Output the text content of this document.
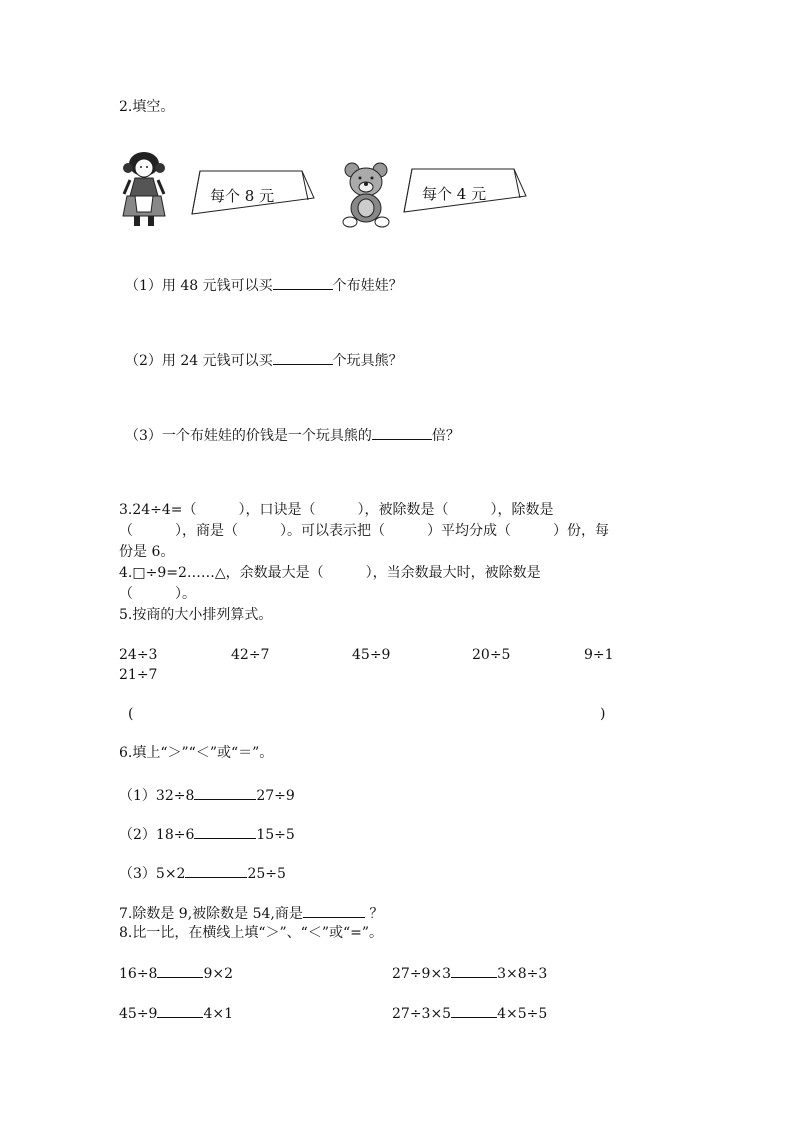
2.填空。
每个 8 元	每个 4 元
（1）用 48 元钱可以买	个布娃娃？
（2）用 24 元钱可以买	个玩具熊？
（3）一个布娃娃的价钱是一个玩具熊的	倍？
3.24÷4=（　　　），口诀是（　　　），被除数是（　　　），除数是
（　　　），商是（　　　）。可以表示把（　　　）平均分成（　　　）份，每
份是 6。
4.□÷9=2……△，余数最大是（　　　），当余数最大时，被除数是
（　　　）。
5.按商的大小排列算式。
24÷3	42÷7	45÷9	20÷5	9÷1
21÷7
(	)
6.填上“＞”“＜”或“＝”。
（1）32÷8	27÷9
（2）18÷6	15÷5
（3）5×2	25÷5
7.除数是 9,被除数是 54,商是	？
8.比一比，在横线上填“＞”、“＜”或“=”。
16÷8	9×2	27÷9×3	3×8÷3
45÷9	4×1	27÷3×5	4×5÷5
